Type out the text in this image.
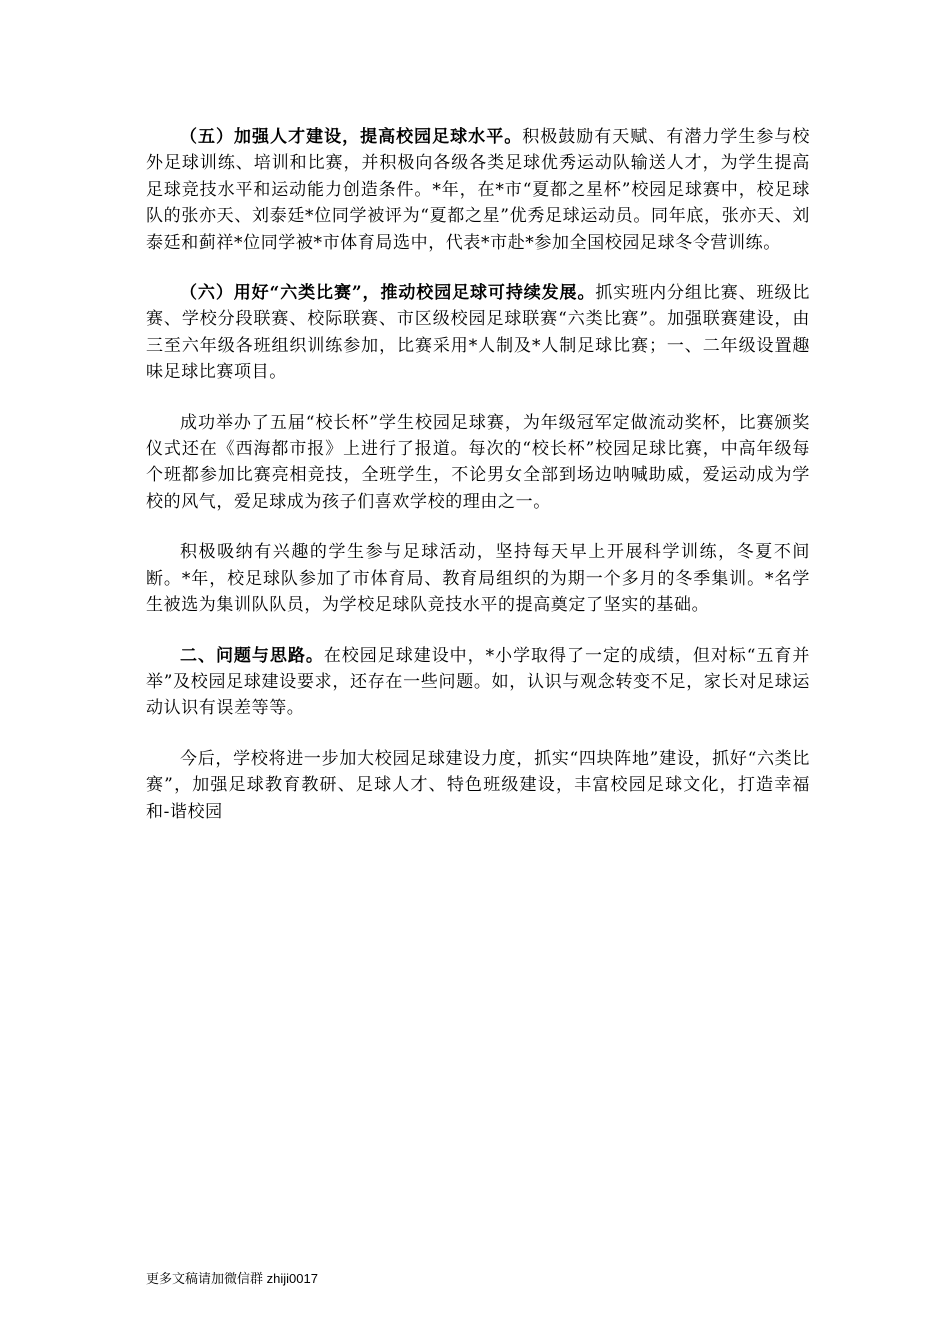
（五）加强人才建设，提高校园足球水平。积极鼓励有天赋、有潜力学生参与校外足球训练、培训和比赛，并积极向各级各类足球优秀运动队输送人才，为学生提高足球竞技水平和运动能力创造条件。*年，在*市“夏都之星杯”校园足球赛中，校足球队的张亦天、刘泰廷*位同学被评为“夏都之星”优秀足球运动员。同年底，张亦天、刘泰廷和蓟祥*位同学被*市体育局选中，代表*市赴*参加全国校园足球冬令营训练。

（六）用好“六类比赛”，推动校园足球可持续发展。抓实班内分组比赛、班级比赛、学校分段联赛、校际联赛、市区级校园足球联赛“六类比赛”。加强联赛建设，由三至六年级各班组织训练参加，比赛采用*人制及*人制足球比赛；一、二年级设置趣味足球比赛项目。

成功举办了五届“校长杯”学生校园足球赛，为年级冠军定做流动奖杯，比赛颁奖仪式还在《西海都市报》上进行了报道。每次的“校长杯”校园足球比赛，中高年级每个班都参加比赛亮相竞技，全班学生，不论男女全部到场边呐喊助威，爱运动成为学校的风气，爱足球成为孩子们喜欢学校的理由之一。

积极吸纳有兴趣的学生参与足球活动，坚持每天早上开展科学训练，冬夏不间断。*年，校足球队参加了市体育局、教育局组织的为期一个多月的冬季集训。*名学生被选为集训队队员，为学校足球队竞技水平的提高奠定了坚实的基础。

二、问题与思路。在校园足球建设中，*小学取得了一定的成绩，但对标“五育并举”及校园足球建设要求，还存在一些问题。如，认识与观念转变不足，家长对足球运动认识有误差等等。

今后，学校将进一步加大校园足球建设力度，抓实“四块阵地”建设，抓好“六类比赛”，加强足球教育教研、足球人才、特色班级建设，丰富校园足球文化，打造幸福和-谐校园

更多文稿请加微信群 zhiji0017
